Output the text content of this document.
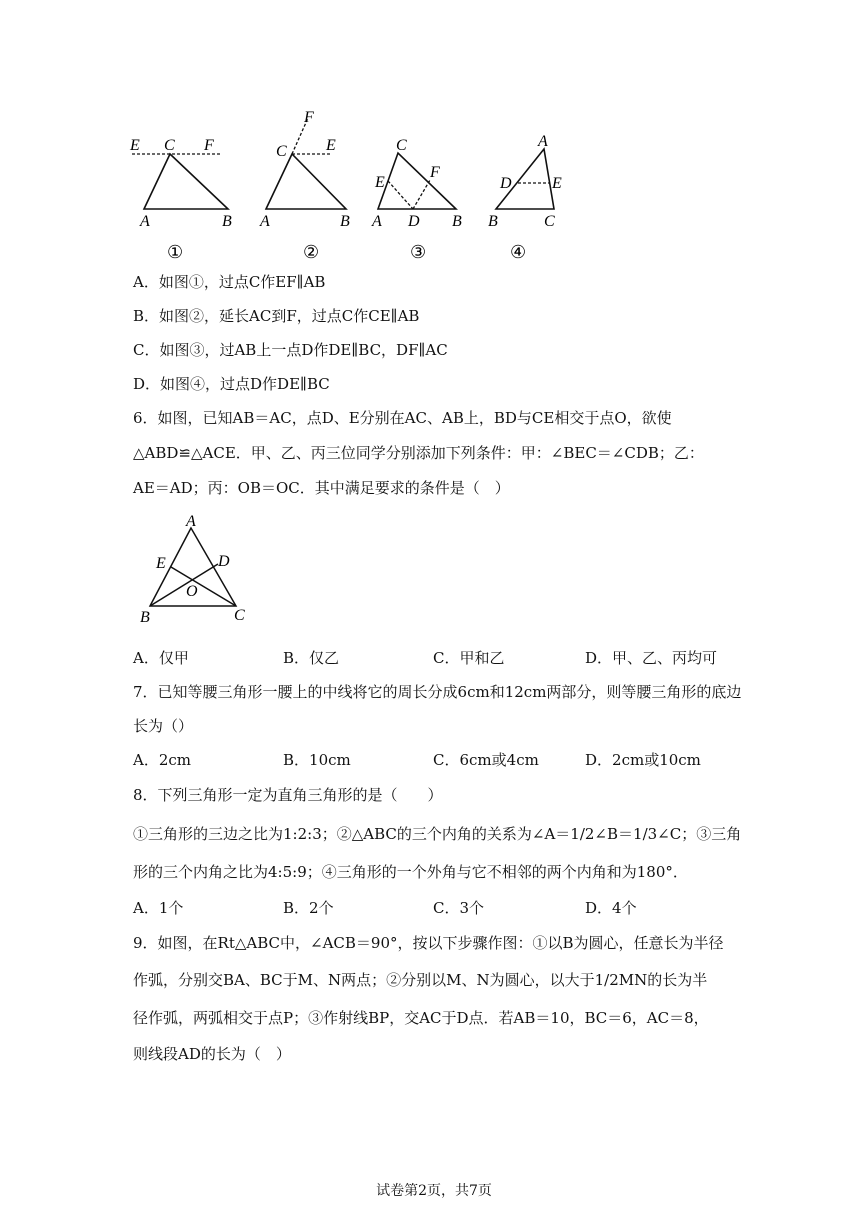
E C F
A	B
①
F
C E
A	B
②
C
E
F
A D B
③
A
D	E
B	C
④
A．如图①，过点C作EF∥AB
B．如图②，延长AC到F，过点C作CE∥AB
C．如图③，过AB上一点D作DE∥BC，DF∥AC
D．如图④，过点D作DE∥BC
6．如图，已知AB＝AC，点D、E分别在AC、AB上，BD与CE相交于点O，欲使
△ABD≌△ACE．甲、乙、丙三位同学分别添加下列条件：甲：∠BEC＝∠CDB；乙：
AE＝AD；丙：OB＝OC．其中满足要求的条件是（　）
A
E	D
O
B	C
A．仅甲	B．仅乙	C．甲和乙	D．甲、乙、丙均可
7．已知等腰三角形一腰上的中线将它的周长分成6cm和12cm两部分，则等腰三角形的底边
长为（）
A．2cm	B．10cm	C．6cm或4cm	D．2cm或10cm
8．下列三角形一定为直角三角形的是（　　）
①三角形的三边之比为1:2:3；②△ABC的三个内角的关系为∠A＝1/2∠B＝1/3∠C；③三角
形的三个内角之比为4:5:9；④三角形的一个外角与它不相邻的两个内角和为180°．
A．1个	B．2个	C．3个	D．4个
9．如图，在Rt△ABC中，∠ACB＝90°，按以下步骤作图：①以B为圆心，任意长为半径
作弧，分别交BA、BC于M、N两点；②分别以M、N为圆心，以大于1/2MN的长为半
径作弧，两弧相交于点P；③作射线BP，交AC于D点．若AB＝10，BC＝6，AC＝8，
则线段AD的长为（　）
试卷第2页，共7页
